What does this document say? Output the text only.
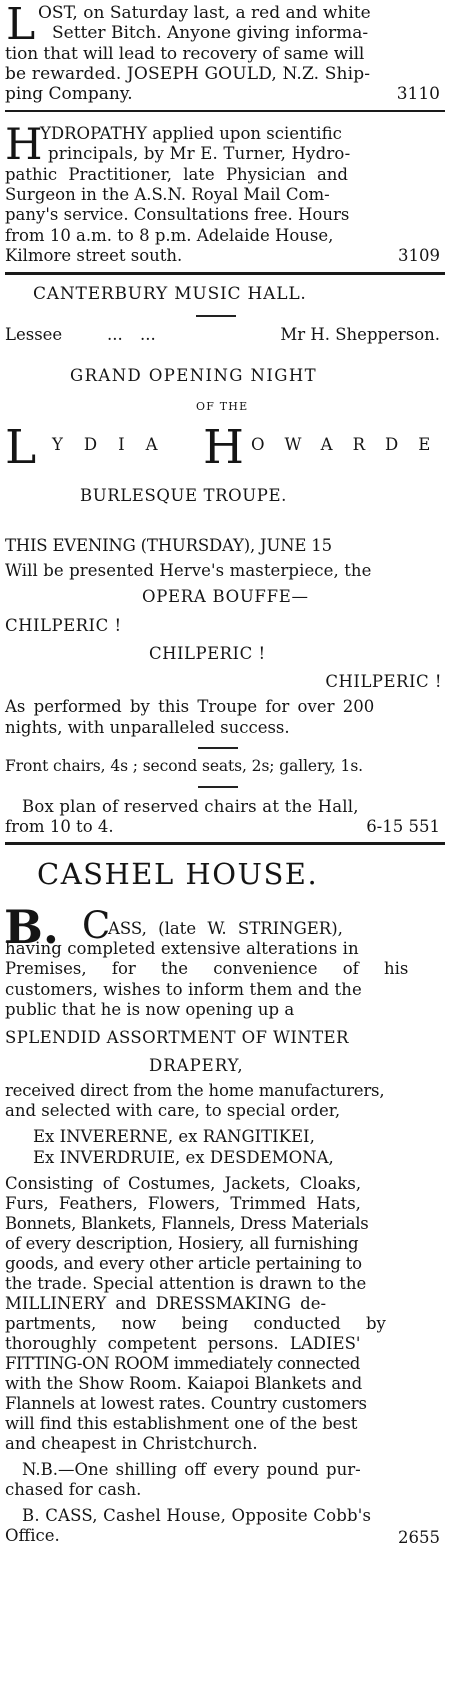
L OST, on Saturday last, a red and white
Setter Bitch. Anyone giving informa-
tion that will lead to recovery of same will
be rewarded. JOSEPH GOULD, N.Z. Ship-
ping Company.	3110
H
YDROPATHY applied upon scientific
principals, by Mr E. Turner, Hydro-
pathic Practitioner, late Physician and
Surgeon in the A.S.N. Royal Mail Com-
pany's service. Consultations free. Hours
from 10 a.m. to 8 p.m. Adelaide House,
Kilmore street south.	3109
CANTERBURY MUSIC HALL.
Lessee	... ...	Mr H. Shepperson.
GRAND OPENING NIGHT
OF THE
L YDIA H OWARDE
BURLESQUE TROUPE.
THIS EVENING (THURSDAY), JUNE 15
Will be presented Herve's masterpiece, the
OPERA BOUFFE—
CHILPERIC !
CHILPERIC !
CHILPERIC !
As performed by this Troupe for over 200
nights, with unparalleled success.
Front chairs, 4s ; second seats, 2s; gallery, 1s.
Box plan of reserved chairs at the Hall,
from 10 to 4.	6-15 551
CASHEL HOUSE.
B. C
ASS, (late W. STRINGER),
having completed extensive alterations in
Premises, for the convenience of his
customers, wishes to inform them and the
public that he is now opening up a
SPLENDID ASSORTMENT OF WINTER
DRAPERY,
received direct from the home manufacturers,
and selected with care, to special order,
Ex INVERERNE, ex RANGITIKEI,
Ex INVERDRUIE, ex DESDEMONA,
Consisting of Costumes, Jackets, Cloaks,
Furs, Feathers, Flowers, Trimmed Hats,
Bonnets, Blankets, Flannels, Dress Materials
of every description, Hosiery, all furnishing
goods, and every other article pertaining to
the trade. Special attention is drawn to the
MILLINERY and DRESSMAKING de-
partments, now being conducted by
thoroughly competent persons. LADIES'
FITTING-ON ROOM immediately connected
with the Show Room. Kaiapoi Blankets and
Flannels at lowest rates. Country customers
will find this establishment one of the best
and cheapest in Christchurch.
N.B.—One shilling off every pound pur-
chased for cash.
B. CASS, Cashel House, Opposite Cobb's
Office.	2655
